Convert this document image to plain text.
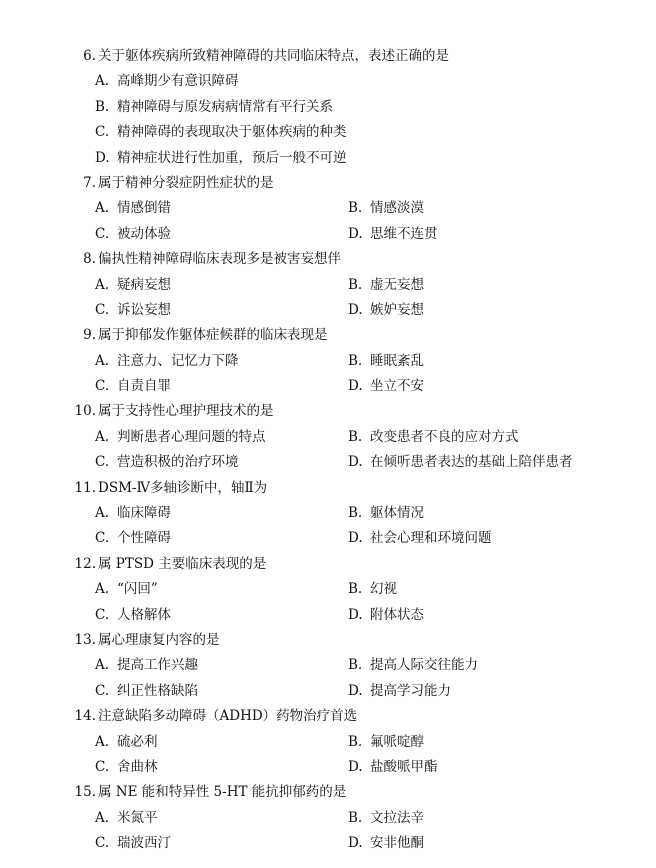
6. 关于躯体疾病所致精神障碍的共同临床特点，表述正确的是
A. 高峰期少有意识障碍
B. 精神障碍与原发病病情常有平行关系
C. 精神障碍的表现取决于躯体疾病的种类
D. 精神症状进行性加重，预后一般不可逆
7. 属于精神分裂症阴性症状的是
A. 情感倒错	B. 情感淡漠
C. 被动体验	D. 思维不连贯
8. 偏执性精神障碍临床表现多是被害妄想伴
A. 疑病妄想	B. 虚无妄想
C. 诉讼妄想	D. 嫉妒妄想
9. 属于抑郁发作躯体症候群的临床表现是
A. 注意力、记忆力下降	B. 睡眠紊乱
C. 自责自罪	D. 坐立不安
10. 属于支持性心理护理技术的是
A. 判断患者心理问题的特点	B. 改变患者不良的应对方式
C. 营造积极的治疗环境	D. 在倾听患者表达的基础上陪伴患者
11. DSM-Ⅳ多轴诊断中，轴Ⅱ为
A. 临床障碍	B. 躯体情况
C. 个性障碍	D. 社会心理和环境问题
12. 属 PTSD 主要临床表现的是
A. “闪回”	B. 幻视
C. 人格解体	D. 附体状态
13. 属心理康复内容的是
A. 提高工作兴趣	B. 提高人际交往能力
C. 纠正性格缺陷	D. 提高学习能力
14. 注意缺陷多动障碍（ADHD）药物治疗首选
A. 硫必利	B. 氟哌啶醇
C. 舍曲林	D. 盐酸哌甲酯
15. 属 NE 能和特异性 5-HT 能抗抑郁药的是
A. 米氮平	B. 文拉法辛
C. 瑞波西汀	D. 安非他酮
